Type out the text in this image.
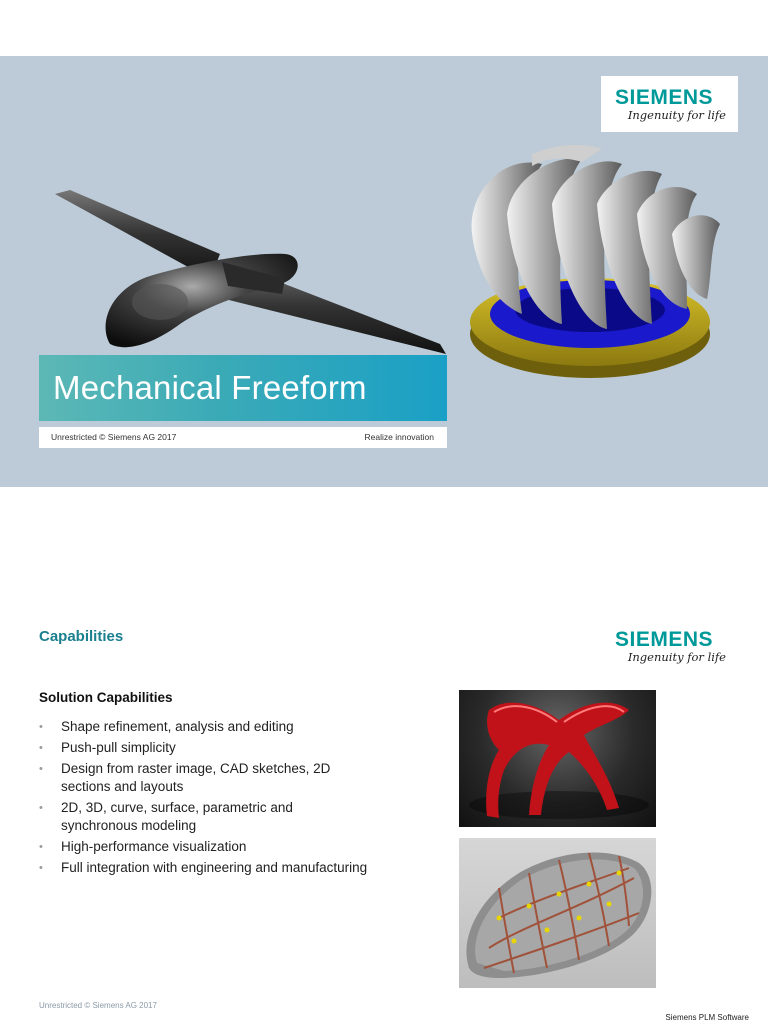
SIEMENS
Ingenuity for life
Mechanical Freeform
Unrestricted © Siemens AG 2017	Realize innovation
Capabilities	SIEMENS
Ingenuity for life
Solution Capabilities
• Shape refinement, analysis and editing
• Push-pull simplicity
• Design from raster image, CAD sketches, 2D sections and layouts
• 2D, 3D, curve, surface, parametric and synchronous modeling
• High-performance visualization
• Full integration with engineering and manufacturing
Unrestricted © Siemens AG 2017
Siemens PLM Software
